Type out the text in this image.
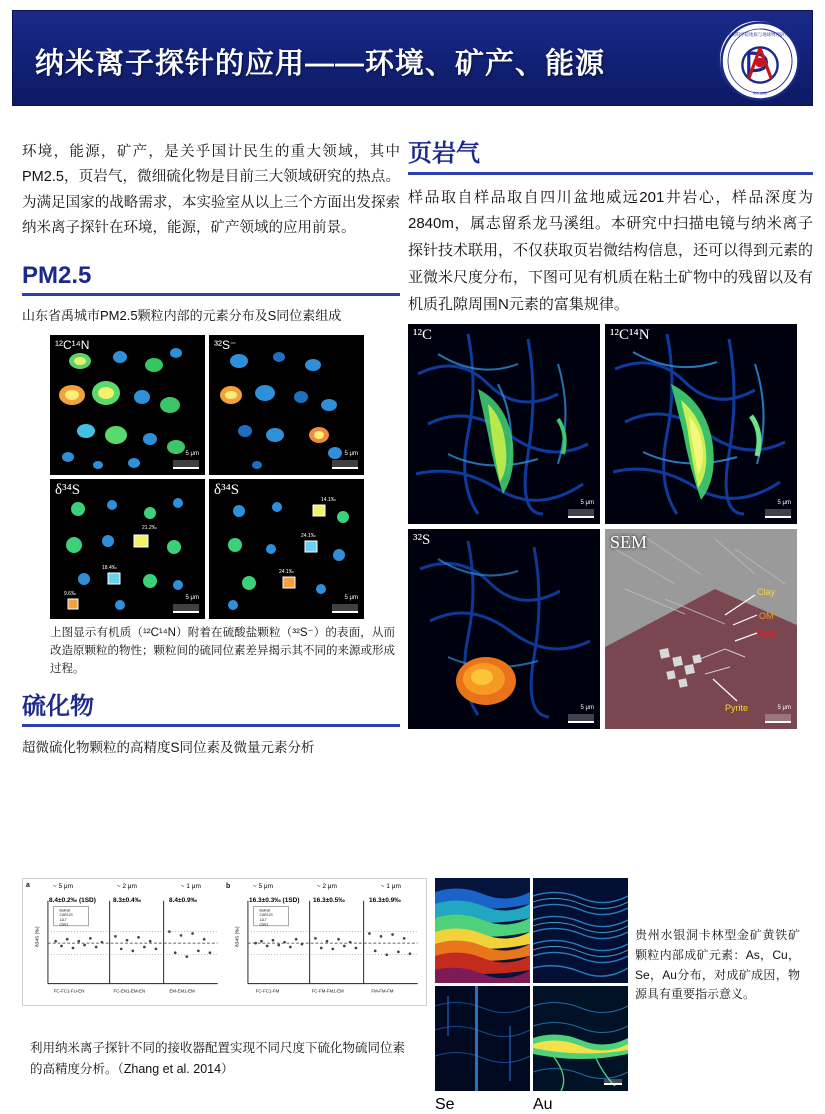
纳米离子探针的应用——环境、矿产、能源
中国科学院地质与地球物理研究所
IGG CAS
环境，能源，矿产，是关乎国计民生的重大领域，其中PM2.5，页岩气，微细硫化物是目前三大领域研究的热点。为满足国家的战略需求，本实验室从以上三个方面出发探索纳米离子探针在环境，能源，矿产领域的应用前景。
PM2.5
山东省禹城市PM2.5颗粒内部的元素分布及S同位素组成
¹²C¹⁴N
5 μm
³²S⁻
5 μm
21.2‰
18.4‰
9.6‰
δ³⁴S
5 μm
14.1‰
24.1‰
24.1‰
δ³⁴S
5 μm
上图显示有机质（¹²C¹⁴N）附着在硫酸盐颗粒（³²S⁻）的表面，从而改造原颗粒的物性；颗粒间的硫同位素差异揭示其不同的来源或形成过程。
硫化物
超微硫化物颗粒的高精度S同位素及微量元素分析
页岩气
样品取自样品取自四川盆地威远201井岩心，样品深度为2840m，属志留系龙马溪组。本研究中扫描电镜与纳米离子探针技术联用，不仅获取页岩微结构信息，还可以得到元素的亚微米尺度分布，下图可见有机质在粘土矿物中的残留以及有机质孔隙周围N元素的富集规律。
¹²C
5 μm
¹²C¹⁴N
5 μm
³²S
5 μm
Clay
OM
Pore
Pyrite
SEM
5 μm
a	~ 5 μm	~ 2 μm	~ 1 μm
FC-FC1-FU-EN	FC-EN1-EM-EN	EM-EM1-EM
δ34S (‰)
Balmat
CAR123
1117
CS01
8.4±0.2‰ (1SD)	8.3±0.4‰	8.4±0.9‰
b	~ 5 μm	~ 2 μm	~ 1 μm
FC-FC1-FM	FC-FM-FM1-EM	FM-FM-FM
δ34S (‰)
Balmat
CAR123
1117
CS01
16.3±0.3‰ (1SD) 16.3±0.5‰	16.3±0.9‰
Se	Au
贵州水银洞卡林型金矿黄铁矿颗粒内部成矿元素：As，Cu，Se，Au分布，对成矿成因，物源具有重要指示意义。
利用纳米离子探针不同的接收器配置实现不同尺度下硫化物硫同位素的高精度分析。（Zhang et al. 2014）
